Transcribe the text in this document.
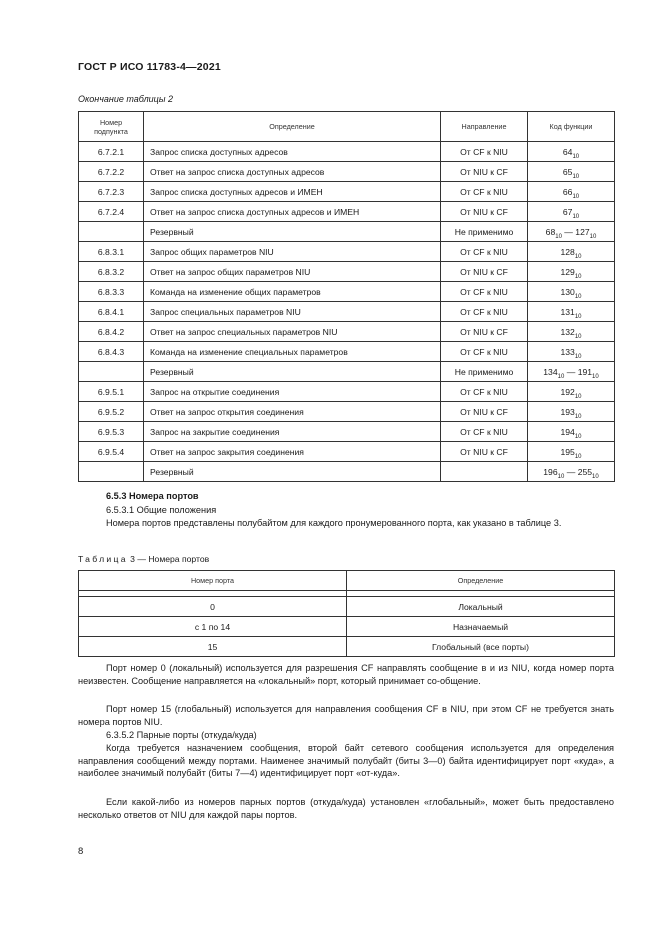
ГОСТ Р ИСО 11783-4—2021
Окончание таблицы 2
Номер подпункта	Определение	Направление	Код функции
6.7.2.1	Запрос списка доступных адресов	От CF к NIU	$64_{10}$
6.7.2.2	Ответ на запрос списка доступных адресов	От NIU к CF	$65_{10}$
6.7.2.3	Запрос списка доступных адресов и ИМЕН	От CF к NIU	$66_{10}$
6.7.2.4	Ответ на запрос списка доступных адресов и ИМЕН	От NIU к CF	$67_{10}$
	Резервный	Не применимо	$68_{10}$ — $127_{10}$
6.8.3.1	Запрос общих параметров NIU	От CF к NIU	$128_{10}$
6.8.3.2	Ответ на запрос общих параметров NIU	От NIU к CF	$129_{10}$
6.8.3.3	Команда на изменение общих параметров	От CF к NIU	$130_{10}$
6.8.4.1	Запрос специальных параметров NIU	От CF к NIU	$131_{10}$
6.8.4.2	Ответ на запрос специальных параметров NIU	От NIU к CF	$132_{10}$
6.8.4.3	Команда на изменение специальных параметров	От CF к NIU	$133_{10}$
	Резервный	Не применимо	$134_{10}$ — $191_{10}$
6.9.5.1	Запрос на открытие соединения	От CF к NIU	$192_{10}$
6.9.5.2	Ответ на запрос открытия соединения	От NIU к CF	$193_{10}$
6.9.5.3	Запрос на закрытие соединения	От CF к NIU	$194_{10}$
6.9.5.4	Ответ на запрос закрытия соединения	От NIU к CF	$195_{10}$
	Резервный		$196_{10}$ — $255_{10}$
6.5.3 Номера портов
6.5.3.1 Общие положения
Номера портов представлены полубайтом для каждого пронумерованного порта, как указано в таблице 3.
Таблица 3 — Номера портов
Номер порта	Определение

0	Локальный
с 1 по 14	Назначаемый
15	Глобальный (все порты)
Порт номер 0 (локальный) используется для разрешения CF направлять сообщение в и из NIU, когда номер порта неизвестен. Сообщение направляется на «локальный» порт, который принимает со-общение.
Порт номер 15 (глобальный) используется для направления сообщения CF в NIU, при этом CF не требуется знать номера портов NIU.
6.3.5.2 Парные порты (откуда/куда)
Когда требуется назначением сообщения, второй байт сетевого сообщения используется для определения направления сообщений между портами. Наименее значимый полубайт (биты 3—0) байта идентифицирует порт «куда», а наиболее значимый полубайт (биты 7—4) идентифицирует порт «от-куда».
Если какой-либо из номеров парных портов (откуда/куда) установлен «глобальный», может быть предоставлено несколько ответов от NIU для каждой пары портов.
8
